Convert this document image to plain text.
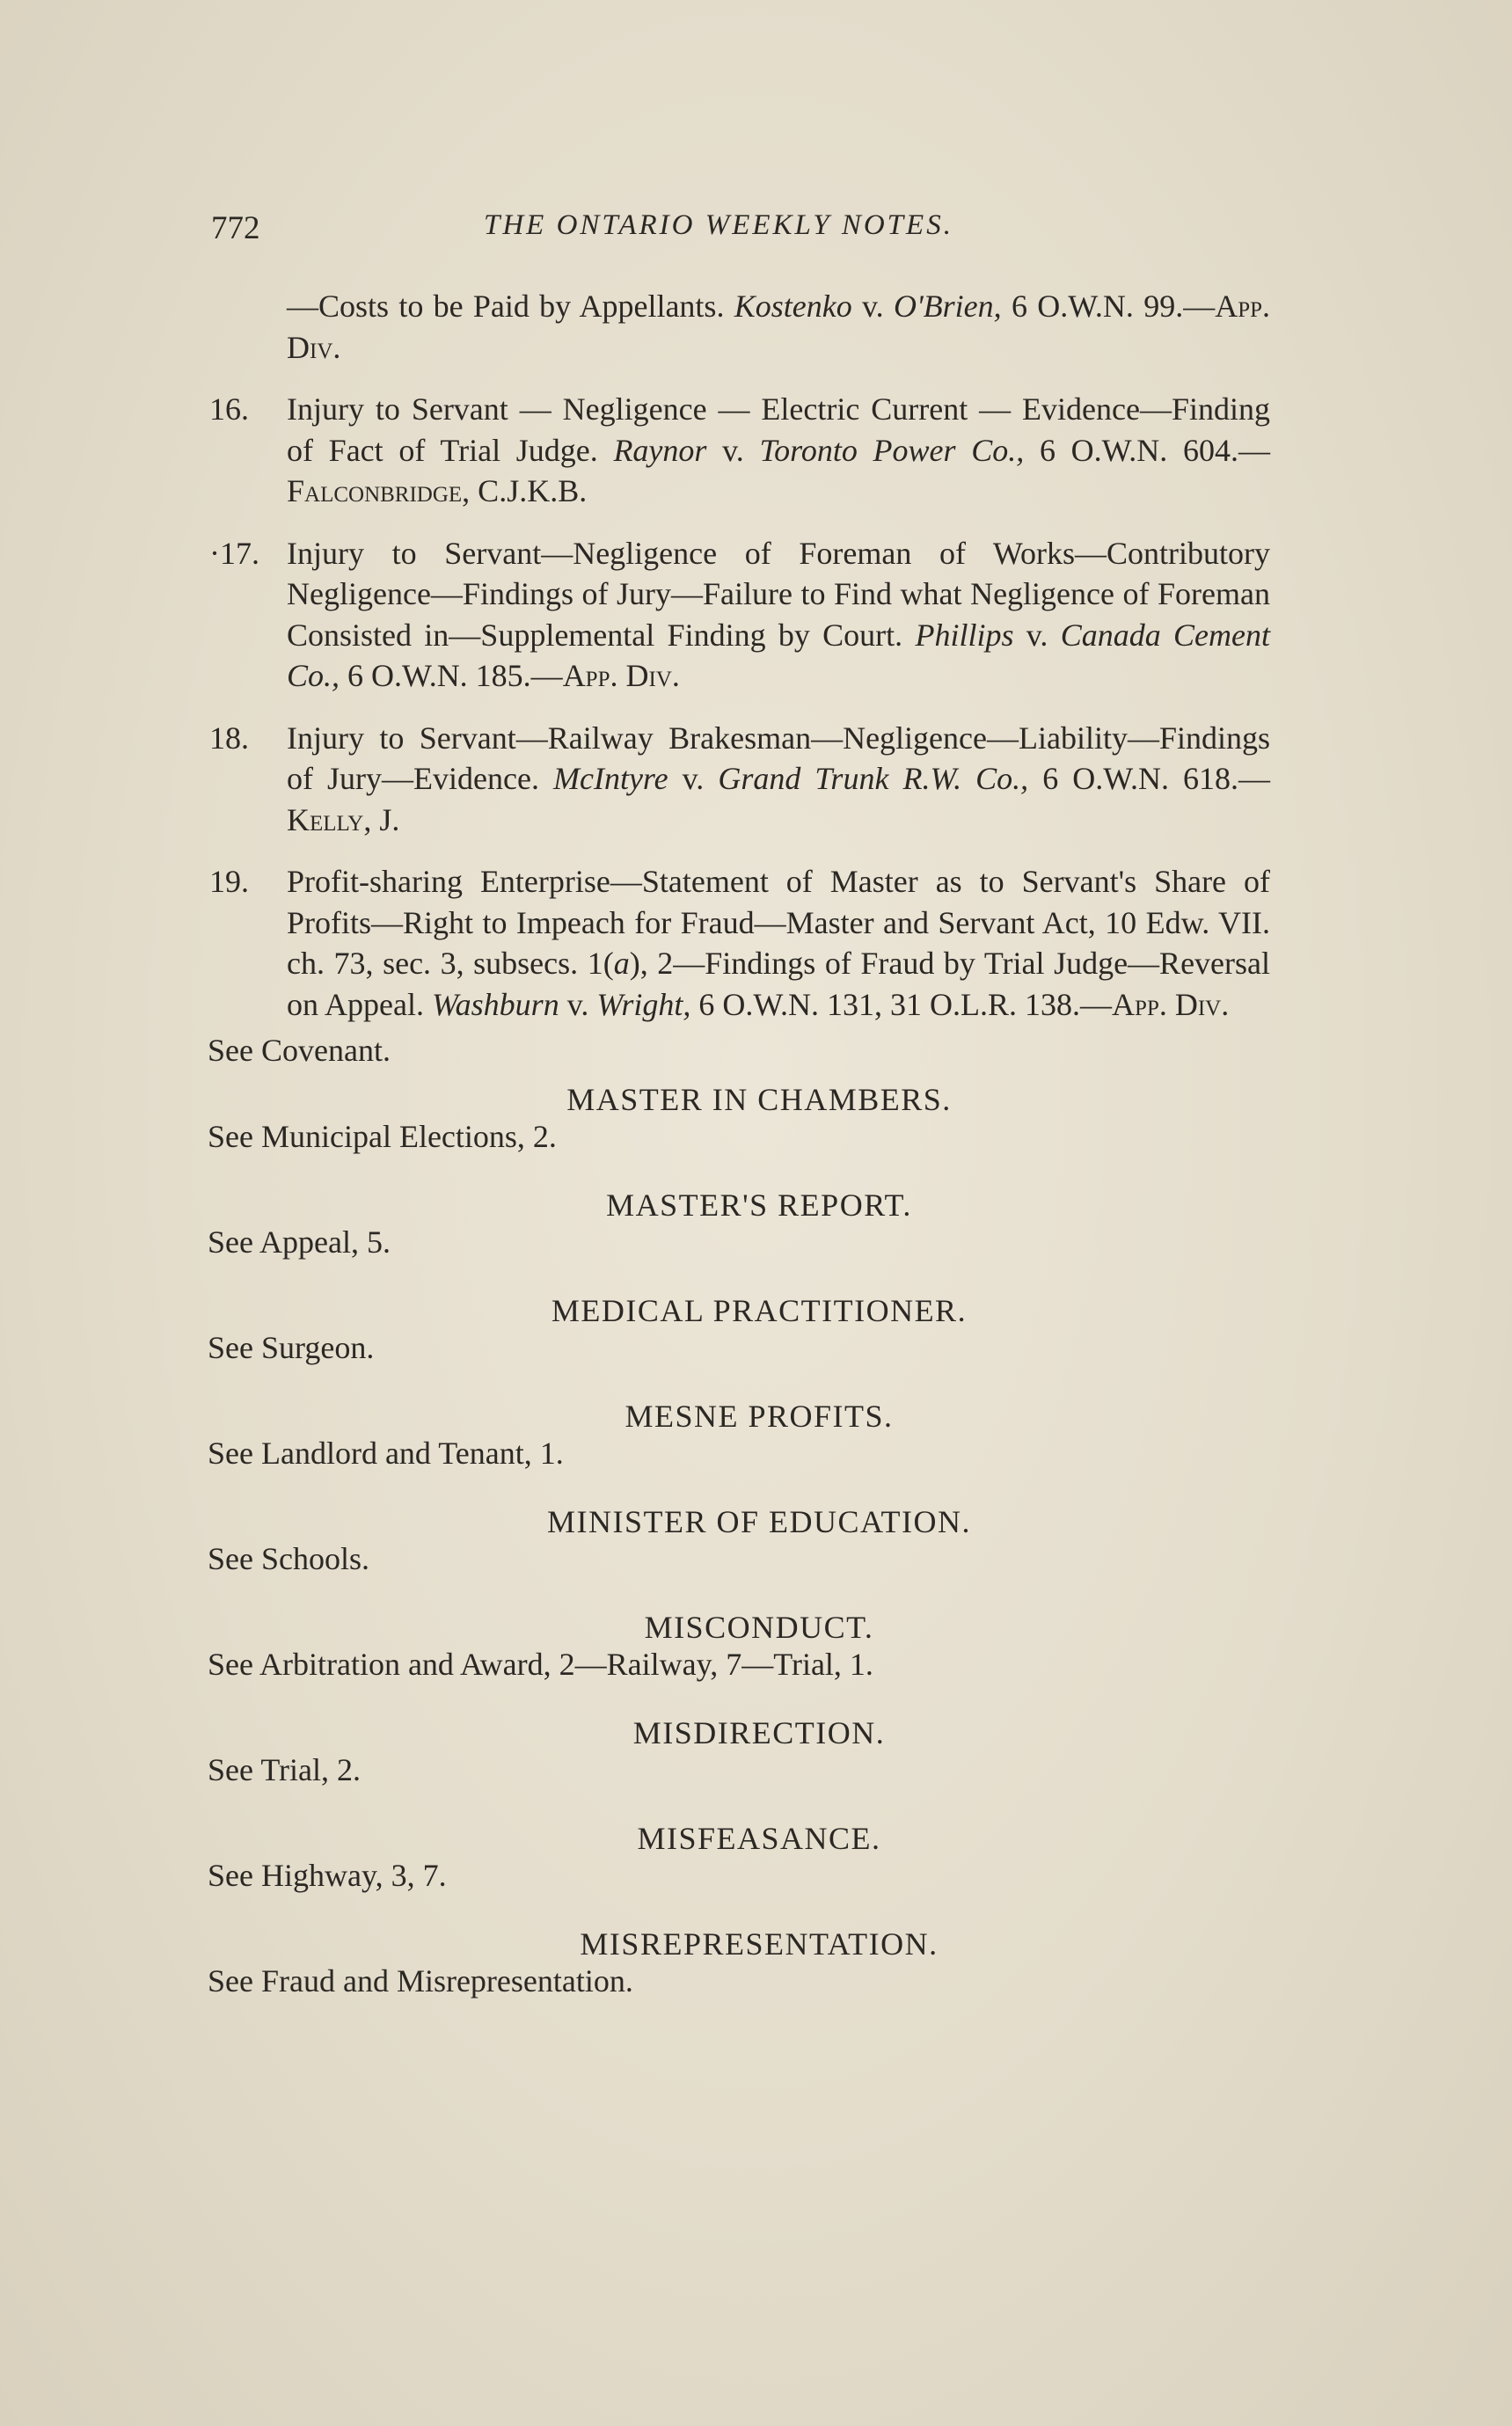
772	THE ONTARIO WEEKLY NOTES.
—Costs to be Paid by Appellants. Kostenko v. O'Brien, 6 O.W.N. 99.—App. Div.
16. Injury to Servant — Negligence — Electric Current — Evidence—Finding of Fact of Trial Judge. Raynor v. Toronto Power Co., 6 O.W.N. 604.—Falconbridge, C.J.K.B.
·17. Injury to Servant—Negligence of Foreman of Works—Contributory Negligence—Findings of Jury—Failure to Find what Negligence of Foreman Consisted in—Supplemental Finding by Court. Phillips v. Canada Cement Co., 6 O.W.N. 185.—App. Div.
18. Injury to Servant—Railway Brakesman—Negligence—Liability—Findings of Jury—Evidence. McIntyre v. Grand Trunk R.W. Co., 6 O.W.N. 618.—Kelly, J.
19. Profit-sharing Enterprise—Statement of Master as to Servant's Share of Profits—Right to Impeach for Fraud—Master and Servant Act, 10 Edw. VII. ch. 73, sec. 3, subsecs. 1(a), 2—Findings of Fraud by Trial Judge—Reversal on Appeal. Washburn v. Wright, 6 O.W.N. 131, 31 O.L.R. 138.—App. Div.
See Covenant.
MASTER IN CHAMBERS.
See Municipal Elections, 2.
MASTER'S REPORT.
See Appeal, 5.
MEDICAL PRACTITIONER.
See Surgeon.
MESNE PROFITS.
See Landlord and Tenant, 1.
MINISTER OF EDUCATION.
See Schools.
MISCONDUCT.
See Arbitration and Award, 2—Railway, 7—Trial, 1.
MISDIRECTION.
See Trial, 2.
MISFEASANCE.
See Highway, 3, 7.
MISREPRESENTATION.
See Fraud and Misrepresentation.
